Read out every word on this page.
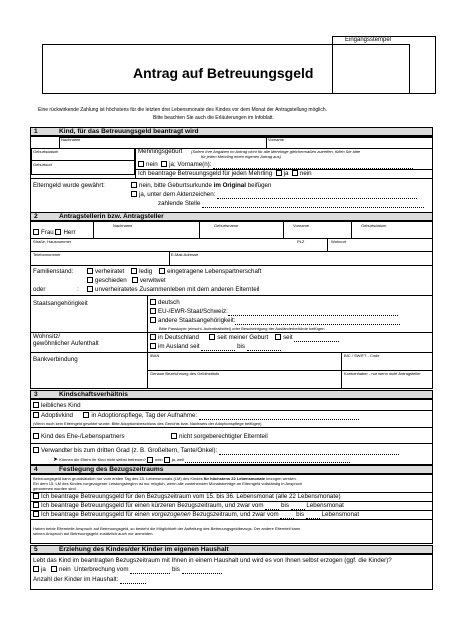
Eingangsstempel
Antrag auf Betreuungsgeld
Eine rückwirkende Zahlung ist höchstens für die letzten drei Lebensmonate des Kindes vor dem Monat der Antragstellung möglich.
Bitte beachten Sie auch die Erläuterungen im Infoblatt.
1	Kind, für das Betreuungsgeld beantragt wird
Nachname	Vorname
Geburtsdatum
Geburtsort
Mehrlingsgeburt (Sofern Ihre Angaben im Antrag nicht für alle Mehrlinge gleichermaßen zutreffen, füllen Sie bitte
für jeden Mehrling einen eigenen Antrag aus)
nein ja; Vorname(n):
Ich beantrage Betreuungsgeld für jeden Mehrling ja nein
Elterngeld wurde gewährt:	nein, bitte Geburtsurkunde im Original beifügen
ja, unter dem Aktenzeichen:
zahlende Stelle
2	Antragstellerin bzw. Antragsteller
Nachname	Geburtsname	Vorname	Geburtsdatum
Frau Herr
Straße, Hausnummer	PLZ	Wohnort
Telefonnummer	E-Mail-Adresse
Familienstand:	verheiratet ledig eingetragene Lebenspartnerschaft
geschieden verwitwet
oder	:	unverheiratetes Zusammenleben mit dem anderen Elternteil
Staatsangehörigkeit	deutsch
EU-/EWR-Staat/Schweiz:
andere Staatsangehörigkeit:
Bitte Passkopie (einschl. Aufenthaltstitel) oder Bescheinigung der Ausländerbehörde beifügen
Wohnsitz/
gewöhnlicher Aufenthalt
in Deutschland	seit meiner Geburt seit
im Ausland seit	bis
Bankverbindung
IBAN	BIC / SWIFT - Code
Genaue Bezeichnung des Geldinstituts	Kontoinhaber - nur wenn nicht Antragsteller
3	Kindschaftsverhältnis
leibliches Kind
Adoptivkind	in Adoptionspflege, Tag der Aufnahme:
(Wenn noch kein Elterngeld gewährt wurde: Bitte Adoptionsbeschluss des Gerichts bzw. Nachweis der Adoptionspflege beifügen)
Kind des Ehe-/Lebenspartners	nicht sorgeberechtigter Elternteil
Verwandter bis zum dritten Grad (z. B. Großeltern, Tante/Onkel):
➤ Können die Eltern ihr Kind nicht selbst betreuen? nein ja, weil
4	Festlegung des Bezugszeitraums
Betreuungsgeld kann grundsätzlich nur vom ersten Tag des 15. Lebensmonats (LM) des Kindes für höchstens 22 Lebensmonate bezogen werden.
Ein dem 15. LM des Kindes vorgezogener Leistungsbeginn ist nur möglich, wenn alle zustehenden Monatsbeträge an Elterngeld vollständig in Anspruch
genommen wurden sind.
Ich beantrage Betreuungsgeld für den Bezugszeitraum vom 15. bis 36. Lebensmonat (alle 22 Lebensmonate)
Ich beantrage Betreuungsgeld für einen kürzeren Bezugszeitraum, und zwar vom	bis	Lebensmonat
Ich beantrage Betreuungsgeld für einen vorgezogenen Bezugszeitraum, und zwar vom	bis	Lebensmonat
Haben beide Elternteile Anspruch auf Betreuungsgeld, so besteht die Möglichkeit der Aufteilung des Betreuungsgeldbezugs. Der andere Elternteil kann
seinen Anspruch auf Betreuungsgeld zusätzlich auch nur anmelden.
5	Erziehung des Kindes/der Kinder im eigenen Haushalt
Lebt das Kind im beantragten Bezugszeitraum mit Ihnen in einem Haushalt und wird es von Ihnen selbst erzogen (ggf. die Kinder)?
ja nein Unterbrechung vom	bis
Anzahl der Kinder im Haushalt:
